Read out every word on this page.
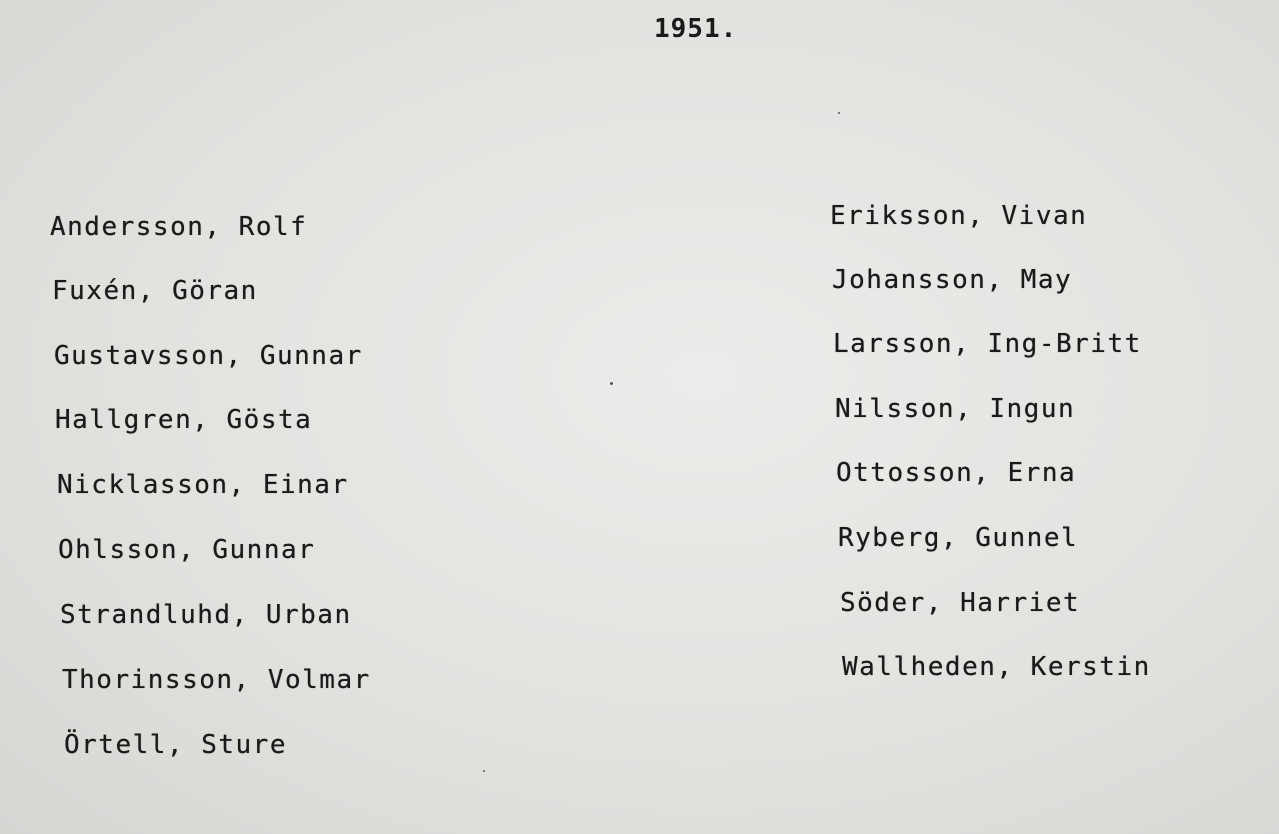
1951.
Andersson, Rolf
Fuxén, Göran
Gustavsson, Gunnar
Hallgren, Gösta
Nicklasson, Einar
Ohlsson, Gunnar
Strandluhd, Urban
Thorinsson, Volmar
Örtell, Sture
Eriksson, Vivan
Johansson, May
Larsson, Ing-Britt
Nilsson, Ingun
Ottosson, Erna
Ryberg, Gunnel
Söder, Harriet
Wallheden, Kerstin
